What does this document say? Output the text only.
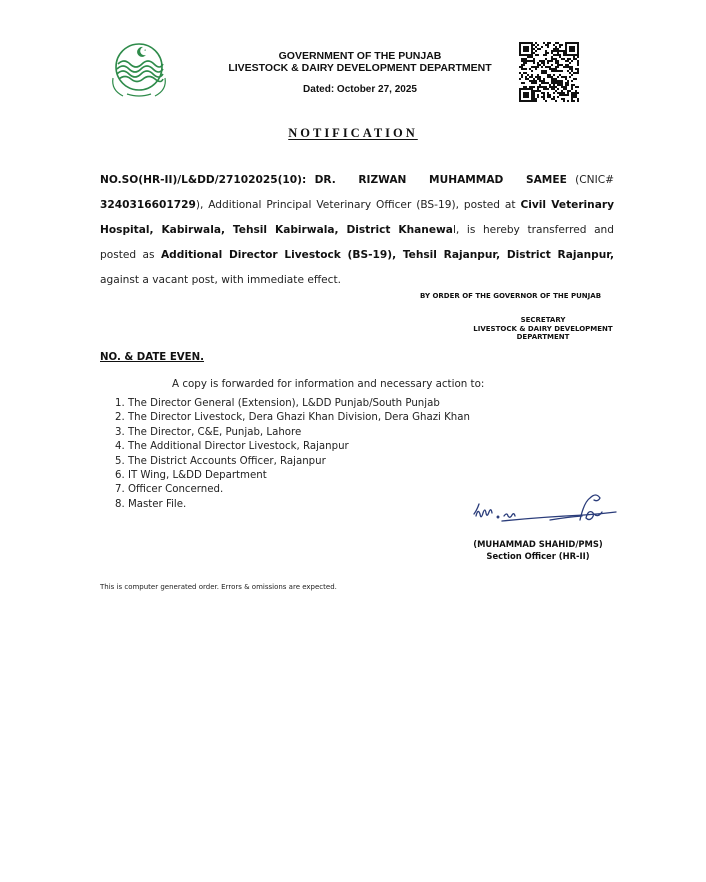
GOVERNMENT OF THE PUNJAB
LIVESTOCK & DAIRY DEVELOPMENT DEPARTMENT
Dated: October 27, 2025
NOTIFICATION
NO.SO(HR-II)/L&DD/27102025(10): DR. RIZWAN MUHAMMAD SAMEE (CNIC# 3240316601729), Additional Principal Veterinary Officer (BS-19), posted at Civil Veterinary Hospital, Kabirwala, Tehsil Kabirwala, District Khanewal, is hereby transferred and posted as Additional Director Livestock (BS-19), Tehsil Rajanpur, District Rajanpur, against a vacant post, with immediate effect.
BY ORDER OF THE GOVERNOR OF THE PUNJAB
SECRETARY
LIVESTOCK & DAIRY DEVELOPMENT
DEPARTMENT
NO. & DATE EVEN.
A copy is forwarded for information and necessary action to:
1. The Director General (Extension), L&DD Punjab/South Punjab
2. The Director Livestock, Dera Ghazi Khan Division, Dera Ghazi Khan
3. The Director, C&E, Punjab, Lahore
4. The Additional Director Livestock, Rajanpur
5. The District Accounts Officer, Rajanpur
6. IT Wing, L&DD Department
7. Officer Concerned.
8. Master File.
(MUHAMMAD SHAHID/PMS)
Section Officer (HR-II)
This is computer generated order. Errors & omissions are expected.
